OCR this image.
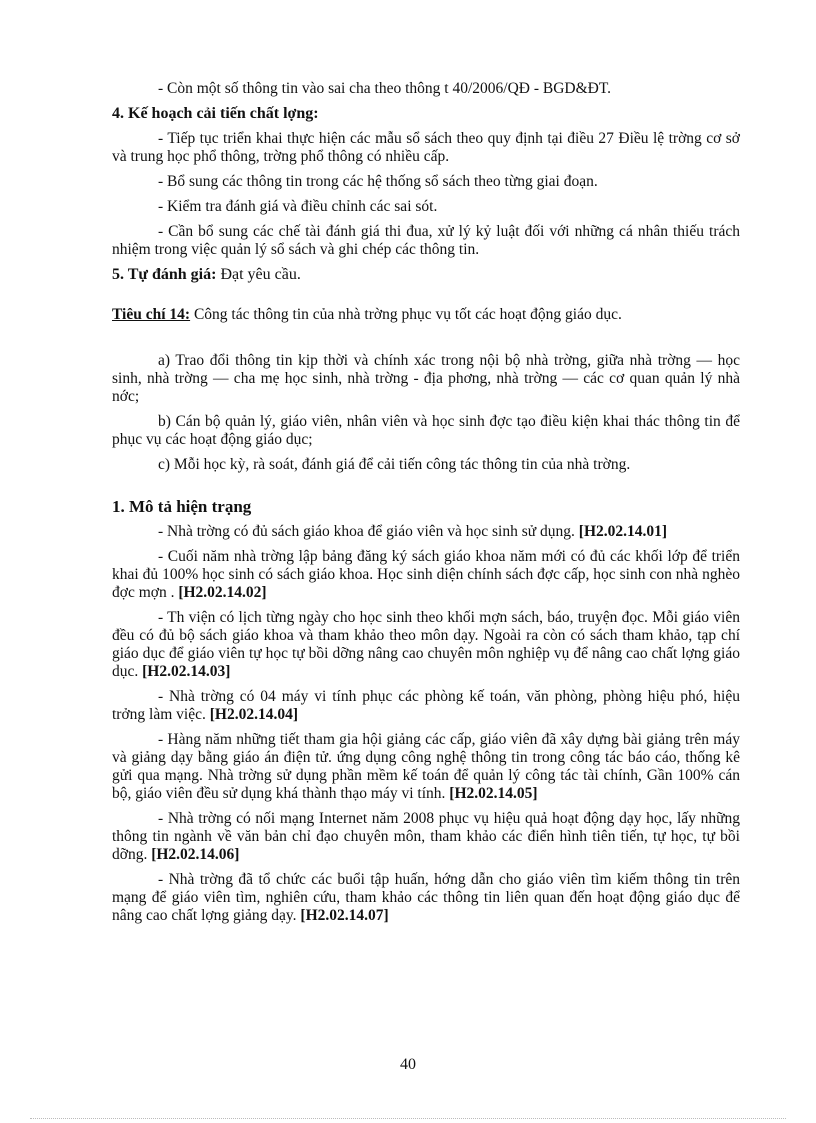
- Còn một số thông tin vào sai cha theo thông t 40/2006/QĐ - BGD&ĐT.

4. Kế hoạch cải tiến chất lợng:

- Tiếp tục triển khai thực hiện các mẫu sổ sách theo quy định tại điều 27 Điều lệ trờng cơ sở và trung học phổ thông, trờng phổ thông có nhiều cấp.

- Bổ sung các thông tin trong các hệ thống sổ sách theo từng giai đoạn.

- Kiểm tra đánh giá và điều chỉnh các sai sót.

- Cần bổ sung các chế tài đánh giá thi đua, xử lý kỷ luật đối với những cá nhân thiếu trách nhiệm trong việc quản lý sổ sách và ghi chép các thông tin.

5. Tự đánh giá: Đạt yêu cầu.

Tiêu chí 14: Công tác thông tin của nhà trờng phục vụ tốt các hoạt động giáo dục.

a) Trao đổi thông tin kịp thời và chính xác trong nội bộ nhà trờng, giữa nhà trờng — học sinh, nhà trờng — cha mẹ học sinh, nhà trờng - địa phơng, nhà trờng — các cơ quan quản lý nhà nớc;

b) Cán bộ quản lý, giáo viên, nhân viên và học sinh đợc tạo điều kiện khai thác thông tin để phục vụ các hoạt động giáo dục;

c) Mỗi học kỳ, rà soát, đánh giá để cải tiến công tác thông tin của nhà trờng.

1. Mô tả hiện trạng

- Nhà trờng có đủ sách giáo khoa để giáo viên và học sinh sử dụng. [H2.02.14.01]

- Cuối năm nhà trờng lập bảng đăng ký sách giáo khoa năm mới có đủ các khối lớp để triển khai đủ 100% học sinh có sách giáo khoa. Học sinh diện chính sách đợc cấp, học sinh con nhà nghèo đợc mợn . [H2.02.14.02]

- Th viện có lịch từng ngày cho học sinh theo khối mợn sách, báo, truyện đọc. Mỗi giáo viên đều có đủ bộ sách giáo khoa và tham khảo theo môn dạy. Ngoài ra còn có sách tham khảo, tạp chí giáo dục để giáo viên tự học tự bồi dỡng nâng cao chuyên môn nghiệp vụ để nâng cao chất lợng giáo dục. [H2.02.14.03]

- Nhà trờng có 04 máy vi tính phục các phòng kế toán, văn phòng, phòng hiệu phó, hiệu trởng làm việc. [H2.02.14.04]

- Hàng năm những tiết tham gia hội giảng các cấp, giáo viên đã xây dựng bài giảng trên máy và giảng dạy bằng giáo án điện tử. ứng dụng công nghệ thông tin trong công tác báo cáo, thống kê gửi qua mạng. Nhà trờng sử dụng phần mềm kế toán để quản lý công tác tài chính, Gần 100% cán bộ, giáo viên đều sử dụng khá thành thạo máy vi tính. [H2.02.14.05]

- Nhà trờng có nối mạng Internet năm 2008 phục vụ hiệu quả hoạt động dạy học, lấy những thông tin ngành về văn bản chỉ đạo chuyên môn, tham khảo các điển hình tiên tiến, tự học, tự bồi dỡng. [H2.02.14.06]

- Nhà trờng đã tổ chức các buổi tập huấn, hớng dẫn cho giáo viên tìm kiếm thông tin trên mạng để giáo viên tìm, nghiên cứu, tham khảo các thông tin liên quan đến hoạt động giáo dục để nâng cao chất lợng giảng dạy. [H2.02.14.07]

40
